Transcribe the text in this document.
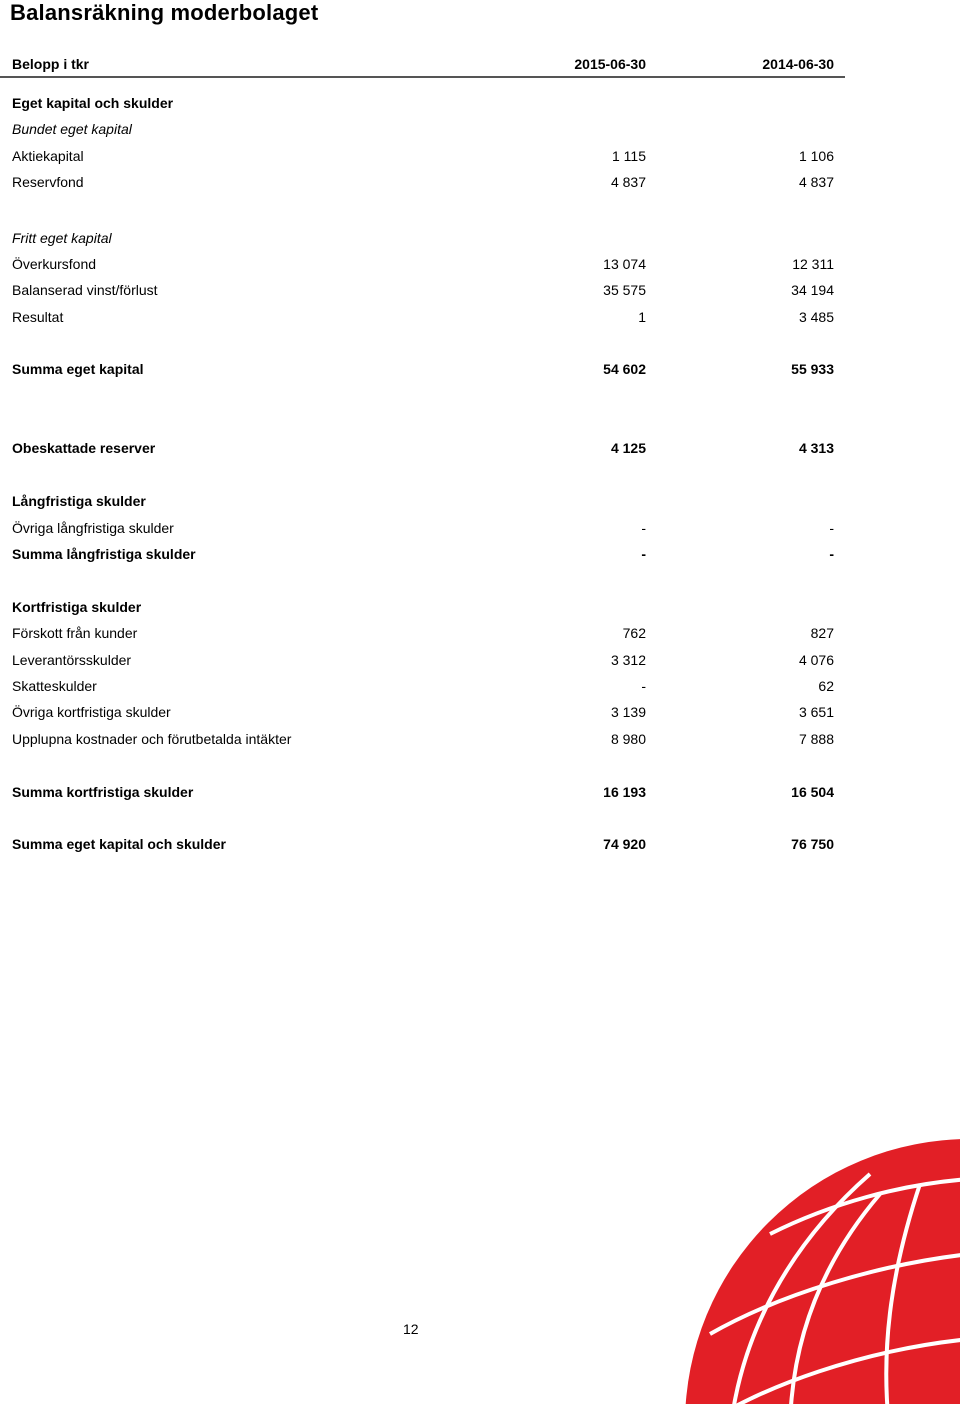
Balansräkning moderbolaget
Belopp i tkr	2015-06-30	2014-06-30
Eget kapital och skulder
Bundet eget kapital
Aktiekapital	1 115	1 106
Reservfond	4 837	4 837
Fritt eget kapital
Överkursfond	13 074	12 311
Balanserad vinst/förlust	35 575	34 194
Resultat	1	3 485
Summa eget kapital	54 602	55 933
Obeskattade reserver	4 125	4 313
Långfristiga skulder
Övriga långfristiga skulder	-	-
Summa långfristiga skulder	-	-
Kortfristiga skulder
Förskott från kunder	762	827
Leverantörsskulder	3 312	4 076
Skatteskulder	-	62
Övriga kortfristiga skulder	3 139	3 651
Upplupna kostnader och förutbetalda intäkter	8 980	7 888
Summa kortfristiga skulder	16 193	16 504
Summa eget kapital och skulder	74 920	76 750
12
